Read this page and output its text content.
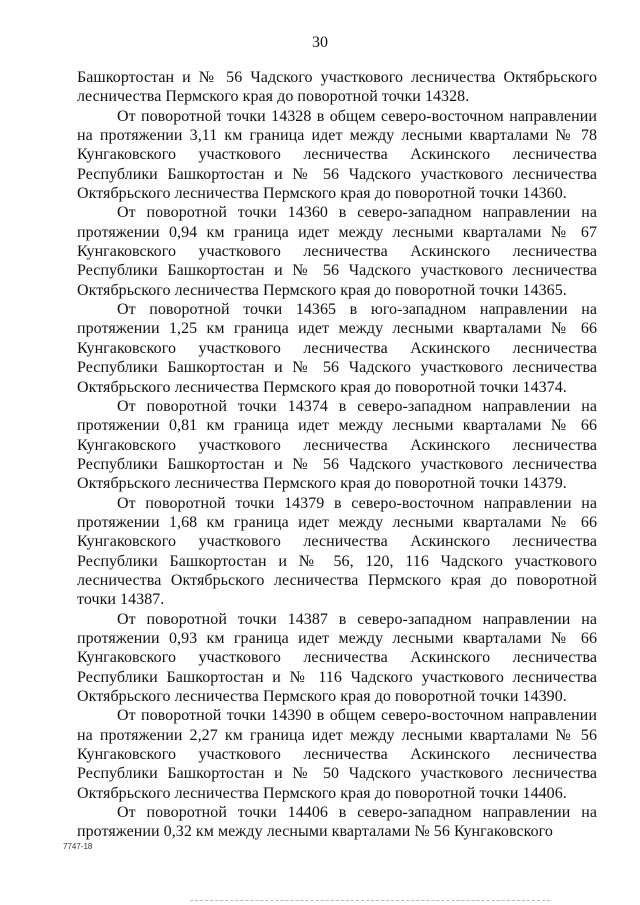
30

Башкортостан и № 56 Чадского участкового лесничества Октябрьского лесничества Пермского края до поворотной точки 14328.

От поворотной точки 14328 в общем северо-восточном направлении на протяжении 3,11 км граница идет между лесными кварталами № 78 Кунгаковского участкового лесничества Аскинского лесничества Республики Башкортостан и № 56 Чадского участкового лесничества Октябрьского лесничества Пермского края до поворотной точки 14360.

От поворотной точки 14360 в северо-западном направлении на протяжении 0,94 км граница идет между лесными кварталами № 67 Кунгаковского участкового лесничества Аскинского лесничества Республики Башкортостан и № 56 Чадского участкового лесничества Октябрьского лесничества Пермского края до поворотной точки 14365.

От поворотной точки 14365 в юго-западном направлении на протяжении 1,25 км граница идет между лесными кварталами № 66 Кунгаковского участкового лесничества Аскинского лесничества Республики Башкортостан и № 56 Чадского участкового лесничества Октябрьского лесничества Пермского края до поворотной точки 14374.

От поворотной точки 14374 в северо-западном направлении на протяжении 0,81 км граница идет между лесными кварталами № 66 Кунгаковского участкового лесничества Аскинского лесничества Республики Башкортостан и № 56 Чадского участкового лесничества Октябрьского лесничества Пермского края до поворотной точки 14379.

От поворотной точки 14379 в северо-восточном направлении на протяжении 1,68 км граница идет между лесными кварталами № 66 Кунгаковского участкового лесничества Аскинского лесничества Республики Башкортостан и № 56, 120, 116 Чадского участкового лесничества Октябрьского лесничества Пермского края до поворотной точки 14387.

От поворотной точки 14387 в северо-западном направлении на протяжении 0,93 км граница идет между лесными кварталами № 66 Кунгаковского участкового лесничества Аскинского лесничества Республики Башкортостан и № 116 Чадского участкового лесничества Октябрьского лесничества Пермского края до поворотной точки 14390.

От поворотной точки 14390 в общем северо-восточном направлении на протяжении 2,27 км граница идет между лесными кварталами № 56 Кунгаковского участкового лесничества Аскинского лесничества Республики Башкортостан и № 50 Чадского участкового лесничества Октябрьского лесничества Пермского края до поворотной точки 14406.

От поворотной точки 14406 в северо-западном направлении на протяжении 0,32 км между лесными кварталами № 56 Кунгаковского

7747-18
